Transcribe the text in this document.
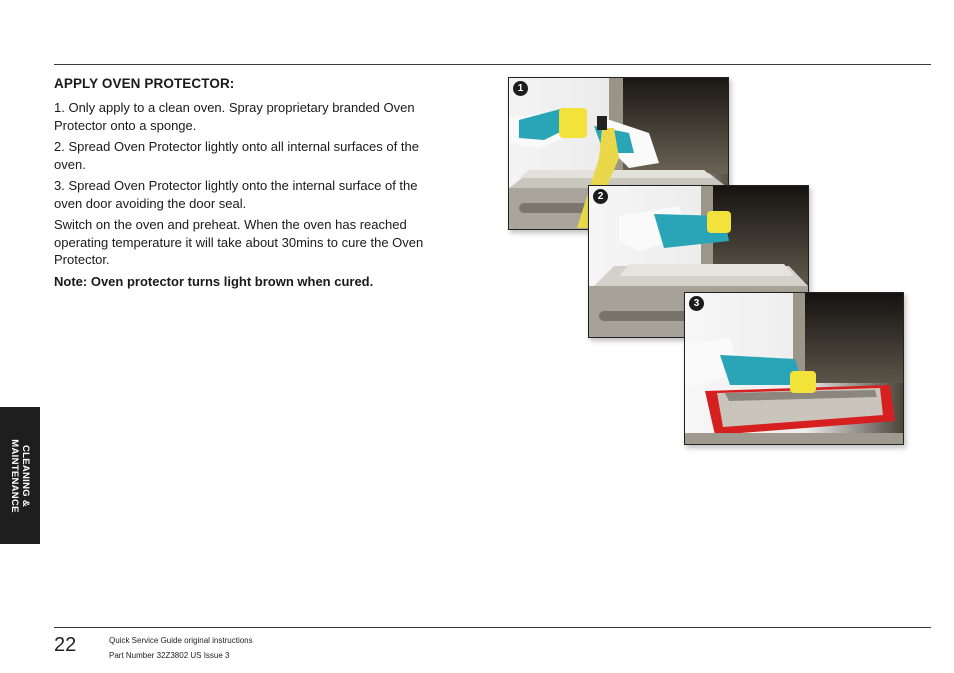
APPLY OVEN PROTECTOR:

1. Only apply to a clean oven. Spray proprietary branded Oven Protector onto a sponge.

2. Spread Oven Protector lightly onto all internal surfaces of the oven.

3. Spread Oven Protector lightly onto the internal surface of the oven door avoiding the door seal.

Switch on the oven and preheat. When the oven has reached operating temperature it will take about 30mins to cure the Oven Protector.

Note: Oven protector turns light brown when cured.

1
2
3
CLEANING &
MAINTENANCE
22	Quick Service Guide original instructions
Part Number 32Z3802 US Issue 3
